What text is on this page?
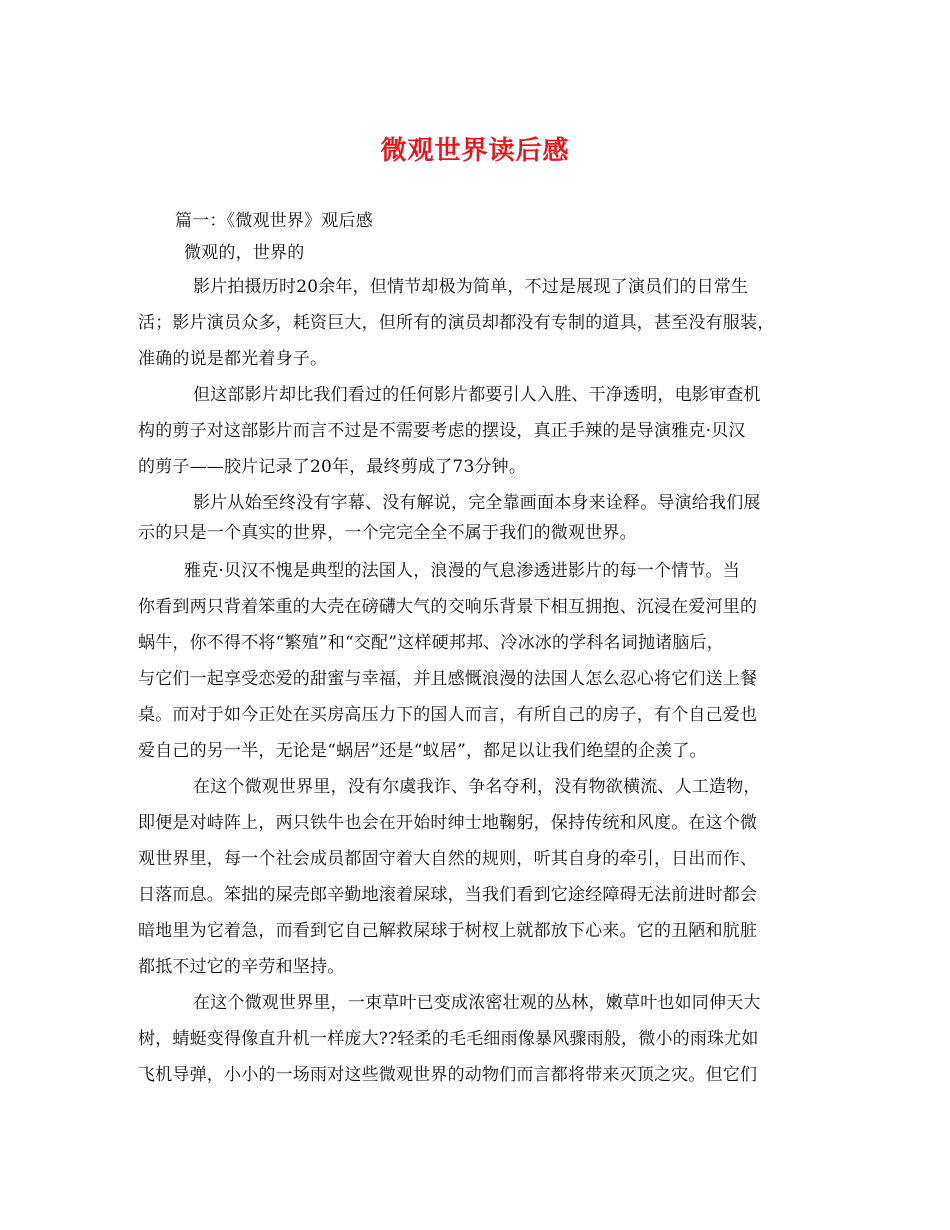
微观世界读后感
篇一：《微观世界》观后感
微观的，世界的
影片拍摄历时20余年，但情节却极为简单，不过是展现了演员们的日常生
活；影片演员众多，耗资巨大，但所有的演员却都没有专制的道具，甚至没有服装，
准确的说是都光着身子。
但这部影片却比我们看过的任何影片都要引人入胜、干净透明，电影审查机
构的剪子对这部影片而言不过是不需要考虑的摆设，真正手辣的是导演雅克·贝汉
的剪子——胶片记录了20年，最终剪成了73分钟。
影片从始至终没有字幕、没有解说，完全靠画面本身来诠释。导演给我们展
示的只是一个真实的世界，一个完完全全不属于我们的微观世界。
雅克·贝汉不愧是典型的法国人，浪漫的气息渗透进影片的每一个情节。当
你看到两只背着笨重的大壳在磅礴大气的交响乐背景下相互拥抱、沉浸在爱河里的
蜗牛，你不得不将“繁殖”和“交配”这样硬邦邦、冷冰冰的学科名词抛诸脑后，
与它们一起享受恋爱的甜蜜与幸福，并且感慨浪漫的法国人怎么忍心将它们送上餐
桌。而对于如今正处在买房高压力下的国人而言，有所自己的房子，有个自己爱也
爱自己的另一半，无论是“蜗居”还是“蚁居”，都足以让我们绝望的企羡了。
在这个微观世界里，没有尔虞我诈、争名夺利，没有物欲横流、人工造物，
即便是对峙阵上，两只铁牛也会在开始时绅士地鞠躬，保持传统和风度。在这个微
观世界里，每一个社会成员都固守着大自然的规则，听其自身的牵引，日出而作、
日落而息。笨拙的屎壳郎辛勤地滚着屎球，当我们看到它途经障碍无法前进时都会
暗地里为它着急，而看到它自己解救屎球于树杈上就都放下心来。它的丑陋和肮脏
都抵不过它的辛劳和坚持。
在这个微观世界里，一束草叶已变成浓密壮观的丛林，嫩草叶也如同伸天大
树，蜻蜓变得像直升机一样庞大??轻柔的毛毛细雨像暴风骤雨般，微小的雨珠尤如
飞机导弹，小小的一场雨对这些微观世界的动物们而言都将带来灭顶之灾。但它们
